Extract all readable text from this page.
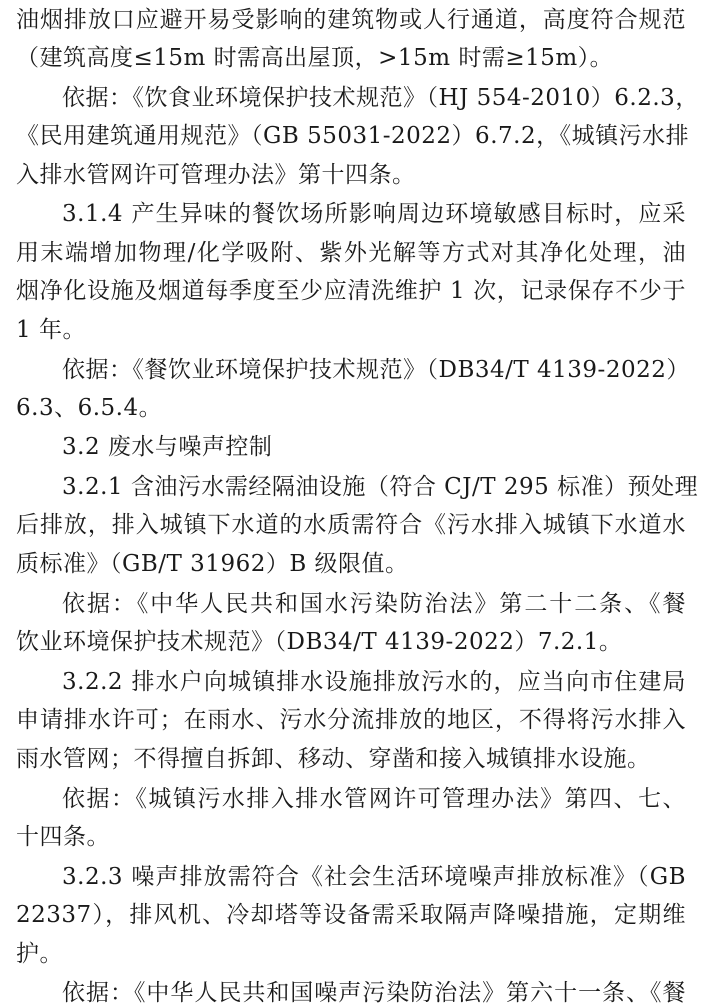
油烟排放口应避开易受影响的建筑物或人行通道，高度符合规范
（建筑高度≤15m 时需高出屋顶，>15m 时需≥15m）。
依据：《饮食业环境保护技术规范》（HJ 554-2010）6.2.3，
《民用建筑通用规范》（GB 55031-2022）6.7.2，《城镇污水排
入排水管网许可管理办法》第十四条。
3.1.4 产生异味的餐饮场所影响周边环境敏感目标时，应采
用末端增加物理/化学吸附、紫外光解等方式对其净化处理，油
烟净化设施及烟道每季度至少应清洗维护 1 次，记录保存不少于
1 年。
依据：《餐饮业环境保护技术规范》（DB34/T 4139-2022）
6.3、6.5.4。
3.2 废水与噪声控制
3.2.1 含油污水需经隔油设施（符合 CJ/T 295 标准）预处理
后排放，排入城镇下水道的水质需符合《污水排入城镇下水道水
质标准》（GB/T 31962）B 级限值。
依据：《中华人民共和国水污染防治法》第二十二条、《餐
饮业环境保护技术规范》（DB34/T 4139-2022）7.2.1。
3.2.2 排水户向城镇排水设施排放污水的，应当向市住建局
申请排水许可；在雨水、污水分流排放的地区，不得将污水排入
雨水管网；不得擅自拆卸、移动、穿凿和接入城镇排水设施。
依据：《城镇污水排入排水管网许可管理办法》第四、七、
十四条。
3.2.3 噪声排放需符合《社会生活环境噪声排放标准》（GB
22337），排风机、冷却塔等设备需采取隔声降噪措施，定期维
护。
依据：《中华人民共和国噪声污染防治法》第六十一条、《餐
